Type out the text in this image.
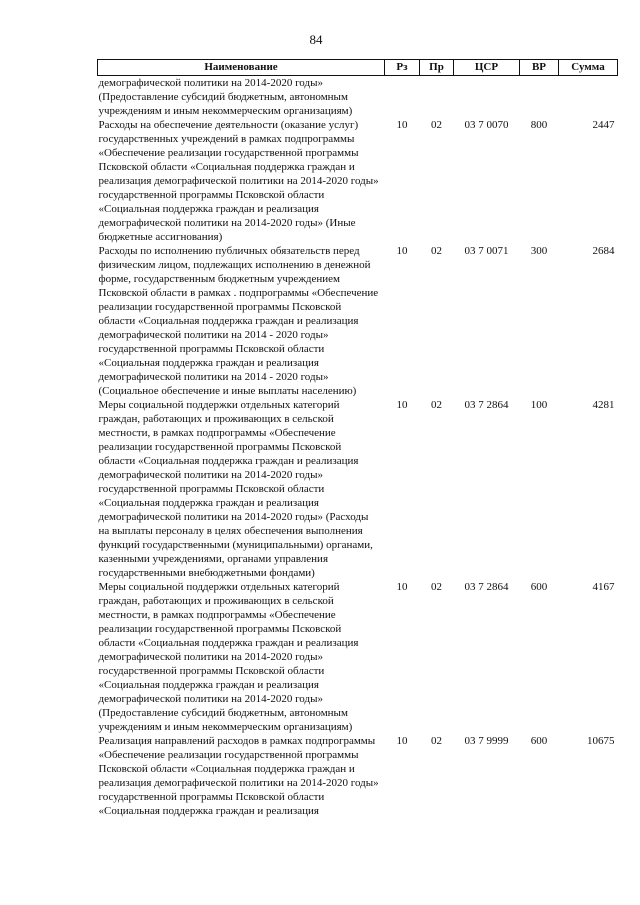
84
Наименование	Рз	Пр	ЦСР	ВР	Сумма
демографической политики на 2014-2020 годы» (Предоставление субсидий бюджетным, автономным учреждениям и иным некоммерческим организациям)					
Расходы на обеспечение деятельности (оказание услуг) государственных учреждений в рамках подпрограммы «Обеспечение реализации государственной программы Псковской области «Социальная поддержка граждан и реализация демографической политики на 2014-2020 годы» государственной программы Псковской области «Социальная поддержка граждан и реализация демографической политики на 2014-2020 годы» (Иные бюджетные ассигнования)	10	02	03 7 0070	800	2447
Расходы по исполнению публичных обязательств перед физическим лицом, подлежащих исполнению в денежной форме, государственным бюджетным учреждением Псковской области в рамках . подпрограммы «Обеспечение реализации государственной программы Псковской области «Социальная поддержка граждан и реализация демографической политики на 2014 - 2020 годы» государственной программы Псковской области «Социальная поддержка граждан и реализация демографической политики на 2014 - 2020 годы» (Социальное обеспечение и иные выплаты населению)	10	02	03 7 0071	300	2684
Меры социальной поддержки отдельных категорий граждан, работающих и проживающих в сельской местности, в рамках подпрограммы «Обеспечение реализации государственной программы Псковской области «Социальная поддержка граждан и реализация демографической политики на 2014-2020 годы» государственной программы Псковской области «Социальная поддержка граждан и реализация демографической политики на 2014-2020 годы» (Расходы на выплаты персоналу в целях обеспечения выполнения функций государственными (муниципальными) органами, казенными учреждениями, органами управления государственными внебюджетными фондами)	10	02	03 7 2864	100	4281
Меры социальной поддержки отдельных категорий граждан, работающих и проживающих в сельской местности, в рамках подпрограммы «Обеспечение реализации государственной программы Псковской области «Социальная поддержка граждан и реализация демографической политики на 2014-2020 годы» государственной программы Псковской области «Социальная поддержка граждан и реализация демографической политики на 2014-2020 годы» (Предоставление субсидий бюджетным, автономным учреждениям и иным некоммерческим организациям)	10	02	03 7 2864	600	4167
Реализация направлений расходов в рамках подпрограммы «Обеспечение реализации государственной программы Псковской области «Социальная поддержка граждан и реализация демографической политики на 2014-2020 годы» государственной программы Псковской области «Социальная поддержка граждан и реализация	10	02	03 7 9999	600	10675
